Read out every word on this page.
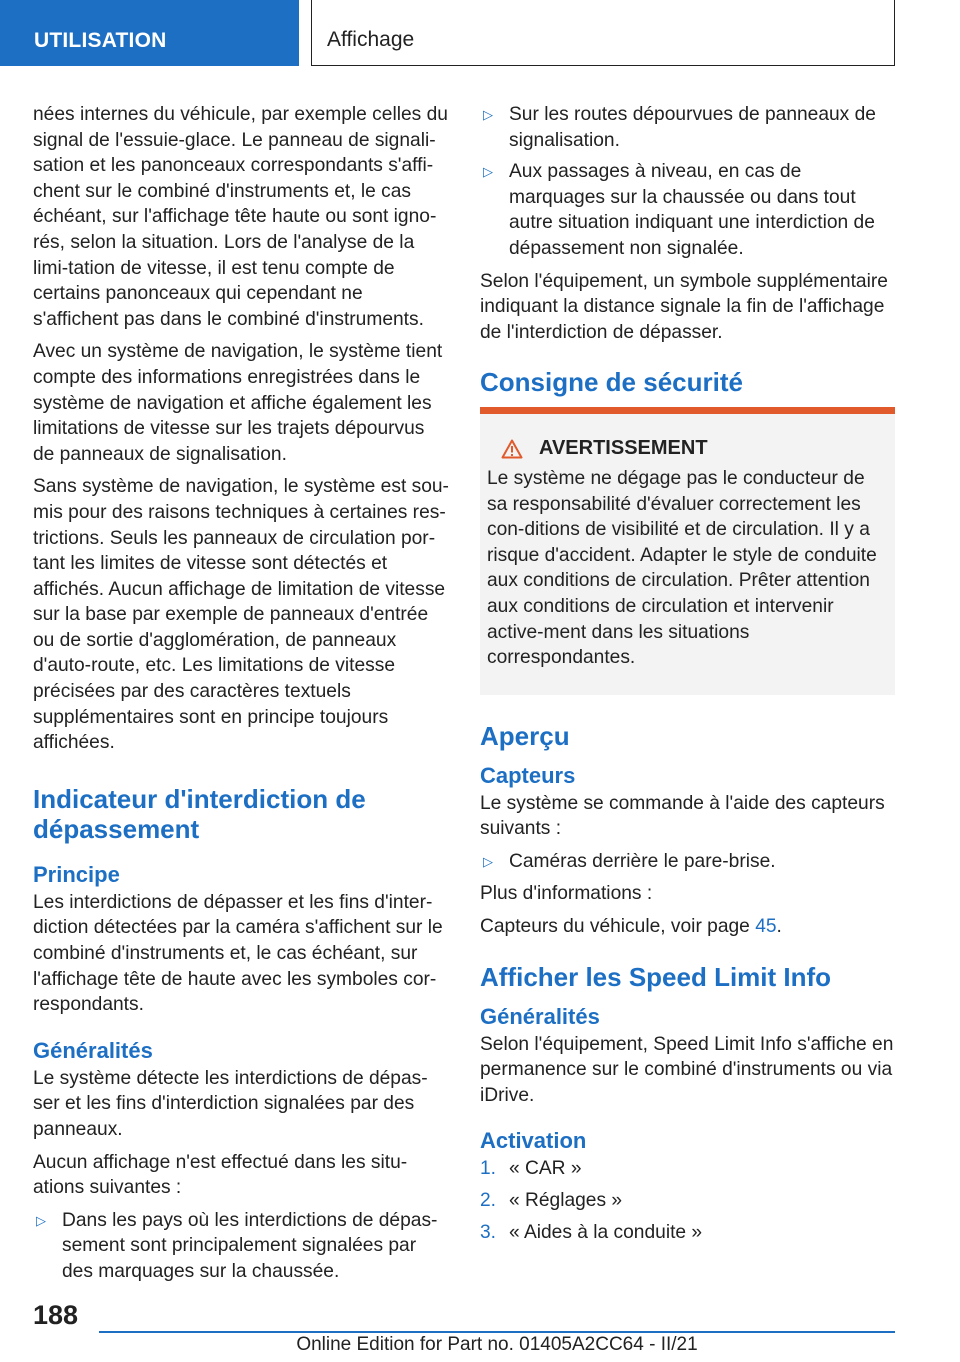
UTILISATION	Affichage

nées internes du véhicule, par exemple celles du signal de l'essuie-glace. Le panneau de signali-sation et les panonceaux correspondants s'affi-chent sur le combiné d'instruments et, le cas échéant, sur l'affichage tête haute ou sont igno-rés, selon la situation. Lors de l'analyse de la limi-tation de vitesse, il est tenu compte de certains panonceaux qui cependant ne s'affichent pas dans le combiné d'instruments.

Avec un système de navigation, le système tient compte des informations enregistrées dans le système de navigation et affiche également les limitations de vitesse sur les trajets dépourvus de panneaux de signalisation.

Sans système de navigation, le système est sou-mis pour des raisons techniques à certaines res-trictions. Seuls les panneaux de circulation por-tant les limites de vitesse sont détectés et affichés. Aucun affichage de limitation de vitesse sur la base par exemple de panneaux d'entrée ou de sortie d'agglomération, de panneaux d'auto-route, etc. Les limitations de vitesse précisées par des caractères textuels supplémentaires sont en principe toujours affichées.

Indicateur d'interdiction de dépassement
Principe

Les interdictions de dépasser et les fins d'inter-diction détectées par la caméra s'affichent sur le combiné d'instruments et, le cas échéant, sur l'affichage tête de haute avec les symboles cor-respondants.

Généralités

Le système détecte les interdictions de dépas-ser et les fins d'interdiction signalées par des panneaux.

Aucun affichage n'est effectué dans les situ-ations suivantes :

▷ Dans les pays où les interdictions de dépas-sement sont principalement signalées par des marquages sur la chaussée.
▷ Sur les routes dépourvues de panneaux de signalisation.
▷ Aux passages à niveau, en cas de marquages sur la chaussée ou dans tout autre situation indiquant une interdiction de dépassement non signalée.

Selon l'équipement, un symbole supplémentaire indiquant la distance signale la fin de l'affichage de l'interdiction de dépasser.

Consigne de sécurité
AVERTISSEMENT

Le système ne dégage pas le conducteur de sa responsabilité d'évaluer correctement les con-ditions de visibilité et de circulation. Il y a risque d'accident. Adapter le style de conduite aux conditions de circulation. Prêter attention aux conditions de circulation et intervenir active-ment dans les situations correspondantes.

Aperçu
Capteurs

Le système se commande à l'aide des capteurs suivants :

▷ Caméras derrière le pare-brise.

Plus d'informations :

Capteurs du véhicule, voir page 45.

Afficher les Speed Limit Info
Généralités

Selon l'équipement, Speed Limit Info s'affiche en permanence sur le combiné d'instruments ou via iDrive.

Activation
1. « CAR »
2. « Réglages »
3. « Aides à la conduite »
188
Online Edition for Part no. 01405A2CC64 - II/21
